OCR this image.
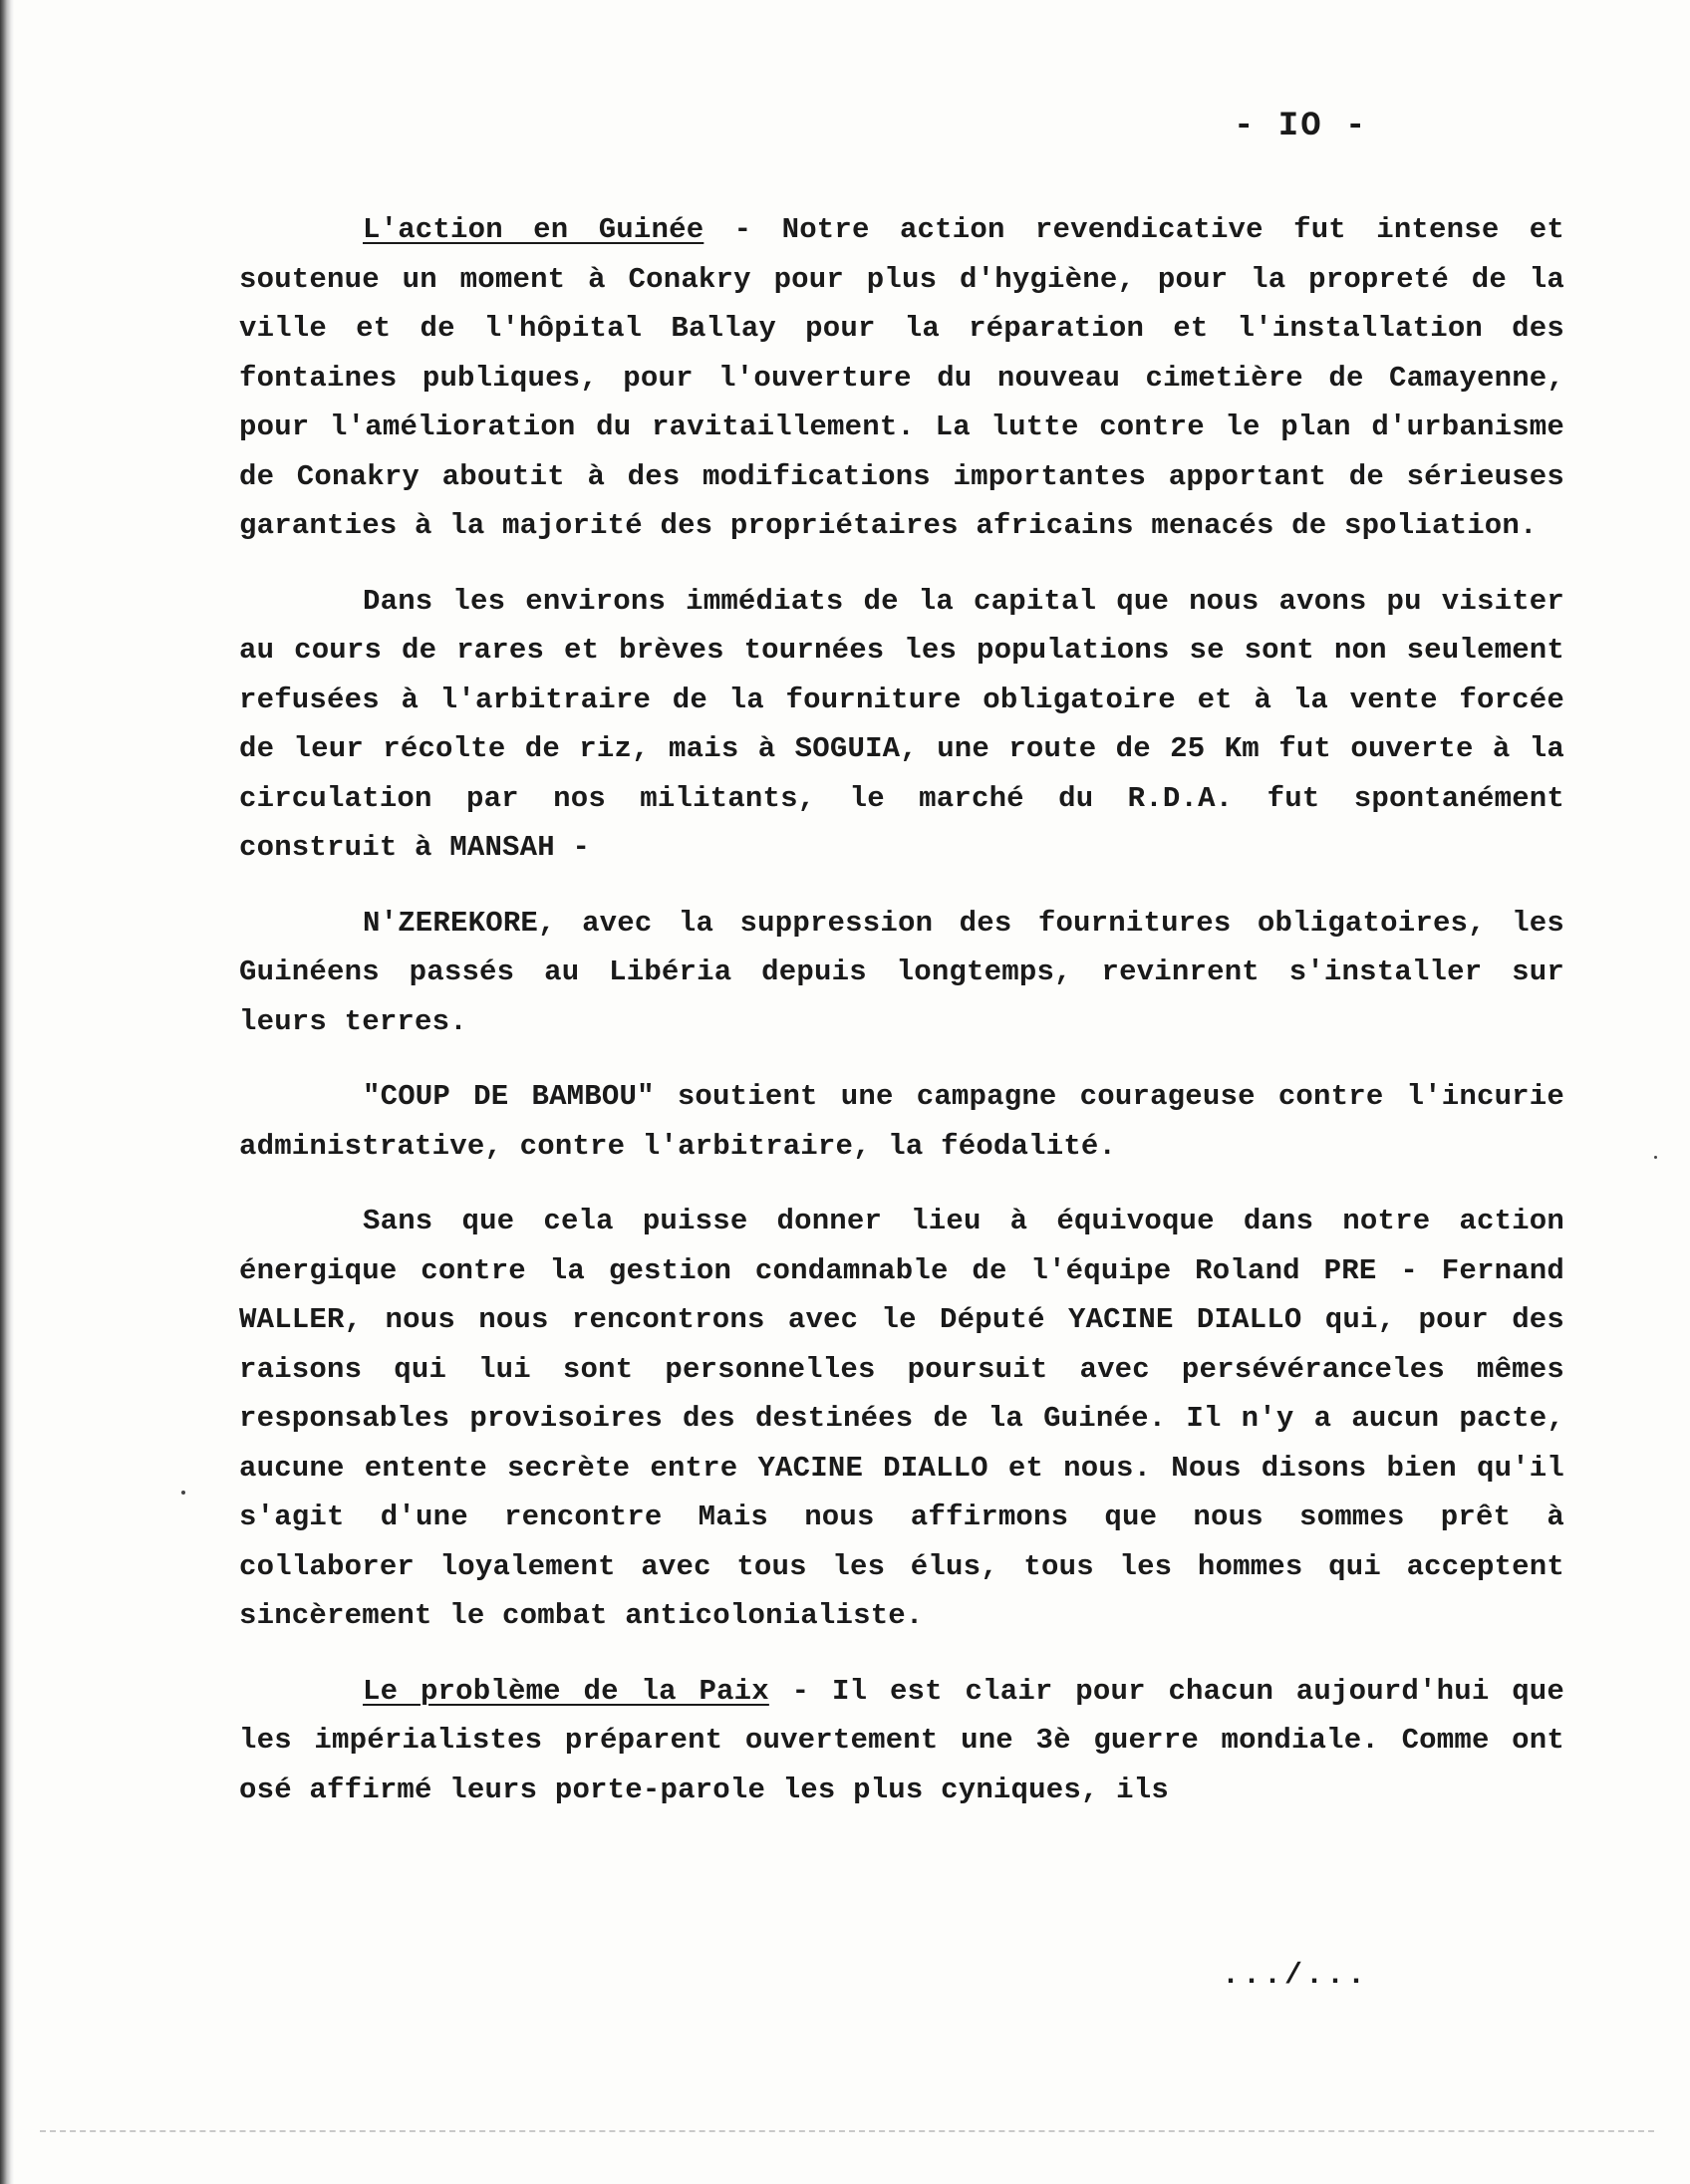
- IO -

L'action en Guinée - Notre action revendicative fut intense et soutenue un moment à Conakry pour plus d'hygiène, pour la propreté de la ville et de l'hôpital Ballay pour la réparation et l'installation des fontaines publiques, pour l'ouverture du nouveau cimetière de Camayenne, pour l'amélioration du ravitaillement. La lutte contre le plan d'urbanisme de Conakry aboutit à des modifications importantes apportant de sérieuses garanties à la majorité des propriétaires africains menacés de spoliation.

Dans les environs immédiats de la capital que nous avons pu visiter au cours de rares et brèves tournées les populations se sont non seulement refusées à l'arbitraire de la fourniture obligatoire et à la vente forcée de leur récolte de riz, mais à SOGUIA, une route de 25 Km fut ouverte à la circulation par nos militants, le marché du R.D.A. fut spontanément construit à MANSAH -

N'ZEREKORE, avec la suppression des fournitures obligatoires, les Guinéens passés au Libéria depuis longtemps, revinrent s'installer sur leurs terres.

"COUP DE BAMBOU" soutient une campagne courageuse contre l'incurie administrative, contre l'arbitraire, la féodalité.

Sans que cela puisse donner lieu à équivoque dans notre action énergique contre la gestion condamnable de l'équipe Roland PRE - Fernand WALLER, nous nous rencontrons avec le Député YACINE DIALLO qui, pour des raisons qui lui sont personnelles poursuit avec persévéranceles mêmes responsables provisoires des destinées de la Guinée. Il n'y a aucun pacte, aucune entente secrète entre YACINE DIALLO et nous. Nous disons bien qu'il s'agit d'une rencontre Mais nous affirmons que nous sommes prêt à collaborer loyalement avec tous les élus, tous les hommes qui acceptent sincèrement le combat anticolonialiste.

Le problème de la Paix - Il est clair pour chacun aujourd'hui que les impérialistes préparent ouvertement une 3è guerre mondiale. Comme ont osé affirmé leurs porte-parole les plus cyniques, ils

.../...
